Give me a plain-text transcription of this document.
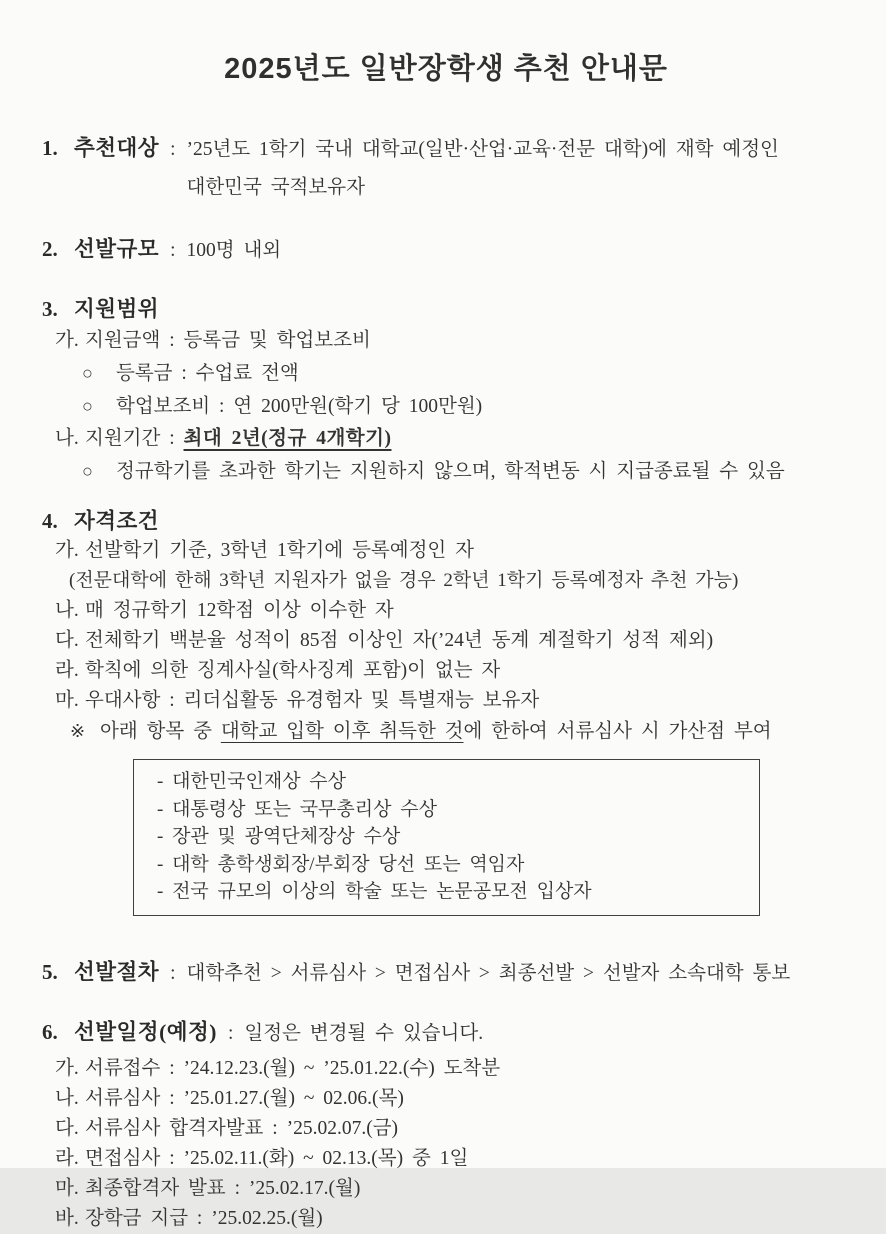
2025년도 일반장학생 추천 안내문
1. 추천대상 : ’25년도 1학기 국내 대학교(일반·산업·교육·전문 대학)에 재학 예정인
대한민국 국적보유자
2. 선발규모 : 100명 내외
3. 지원범위
가. 지원금액 : 등록금 및 학업보조비
○	등록금 : 수업료 전액
○	학업보조비 : 연 200만원(학기 당 100만원)
나. 지원기간 : 최대 2년(정규 4개학기)
○	정규학기를 초과한 학기는 지원하지 않으며, 학적변동 시 지급종료될 수 있음
4. 자격조건
가. 선발학기 기준, 3학년 1학기에 등록예정인 자
(전문대학에 한해 3학년 지원자가 없을 경우 2학년 1학기 등록예정자 추천 가능)
나. 매 정규학기 12학점 이상 이수한 자
다. 전체학기 백분율 성적이 85점 이상인 자(’24년 동계 계절학기 성적 제외)
라. 학칙에 의한 징계사실(학사징계 포함)이 없는 자
마. 우대사항 : 리더십활동 유경험자 및 특별재능 보유자
※ 아래 항목 중 대학교 입학 이후 취득한 것에 한하여 서류심사 시 가산점 부여
- 대한민국인재상 수상
- 대통령상 또는 국무총리상 수상
- 장관 및 광역단체장상 수상
- 대학 총학생회장/부회장 당선 또는 역임자
- 전국 규모의 이상의 학술 또는 논문공모전 입상자
5. 선발절차 : 대학추천 > 서류심사 > 면접심사 > 최종선발 > 선발자 소속대학 통보
6. 선발일정(예정) : 일정은 변경될 수 있습니다.
가. 서류접수 : ’24.12.23.(월) ~ ’25.01.22.(수) 도착분
나. 서류심사 : ’25.01.27.(월) ~ 02.06.(목)
다. 서류심사 합격자발표 : ’25.02.07.(금)
라. 면접심사 : ’25.02.11.(화) ~ 02.13.(목) 중 1일
마. 최종합격자 발표 : ’25.02.17.(월)
바. 장학금 지급 : ’25.02.25.(월)
